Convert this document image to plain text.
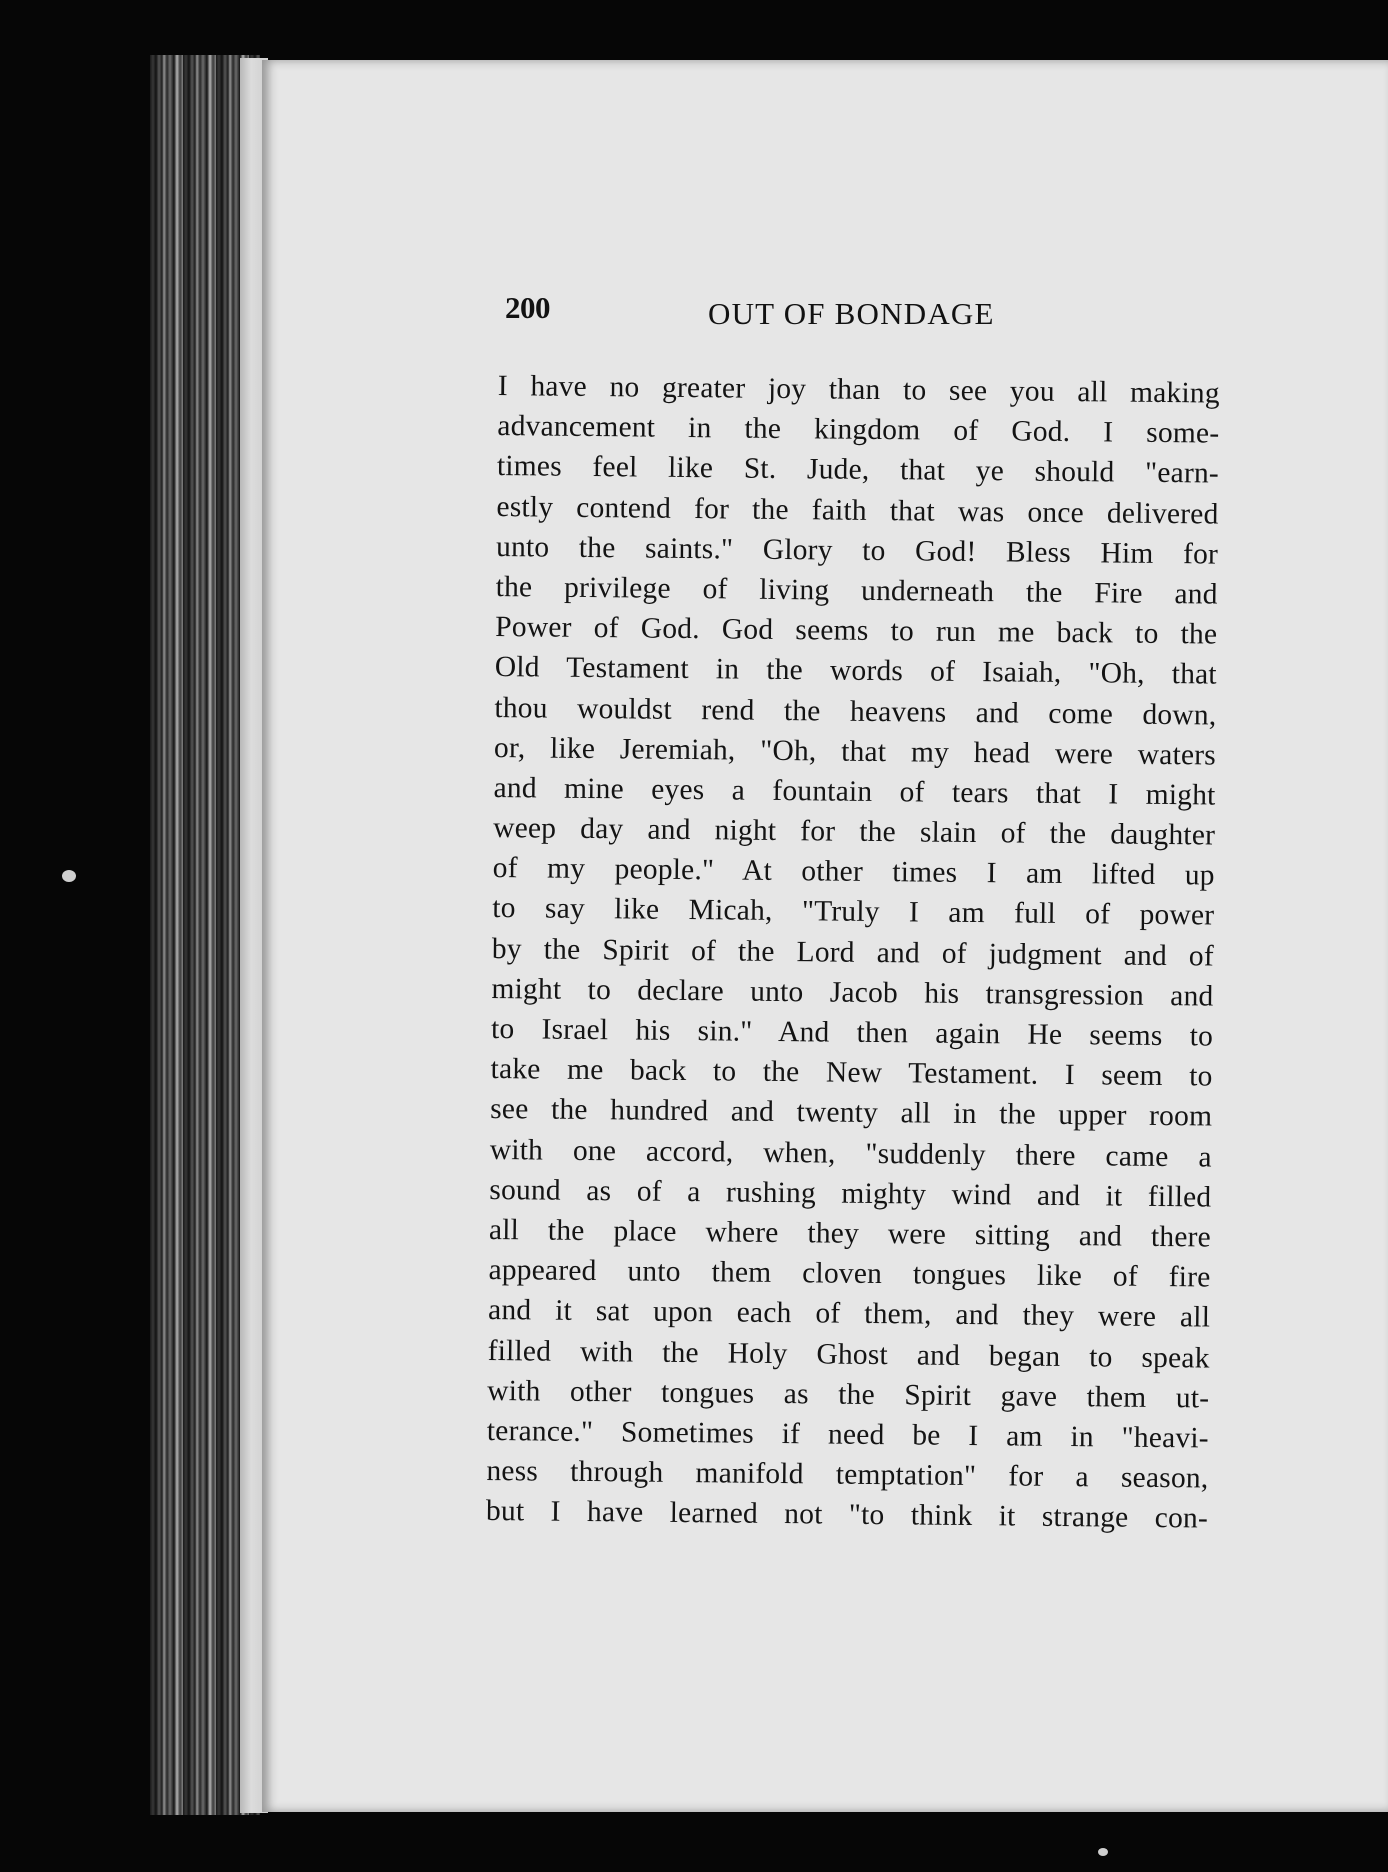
200	OUT OF BONDAGE
I have no greater joy than to see you all making
advancement in the kingdom of God. I some-
times feel like St. Jude, that ye should "earn-
estly contend for the faith that was once delivered
unto the saints." Glory to God! Bless Him for
the privilege of living underneath the Fire and
Power of God. God seems to run me back to the
Old Testament in the words of Isaiah, "Oh, that
thou wouldst rend the heavens and come down,
or, like Jeremiah, "Oh, that my head were waters
and mine eyes a fountain of tears that I might
weep day and night for the slain of the daughter
of my people." At other times I am lifted up
to say like Micah, "Truly I am full of power
by the Spirit of the Lord and of judgment and of
might to declare unto Jacob his transgression and
to Israel his sin." And then again He seems to
take me back to the New Testament. I seem to
see the hundred and twenty all in the upper room
with one accord, when, "suddenly there came a
sound as of a rushing mighty wind and it filled
all the place where they were sitting and there
appeared unto them cloven tongues like of fire
and it sat upon each of them, and they were all
filled with the Holy Ghost and began to speak
with other tongues as the Spirit gave them ut-
terance." Sometimes if need be I am in "heavi-
ness through manifold temptation" for a season,
but I have learned not "to think it strange con-
